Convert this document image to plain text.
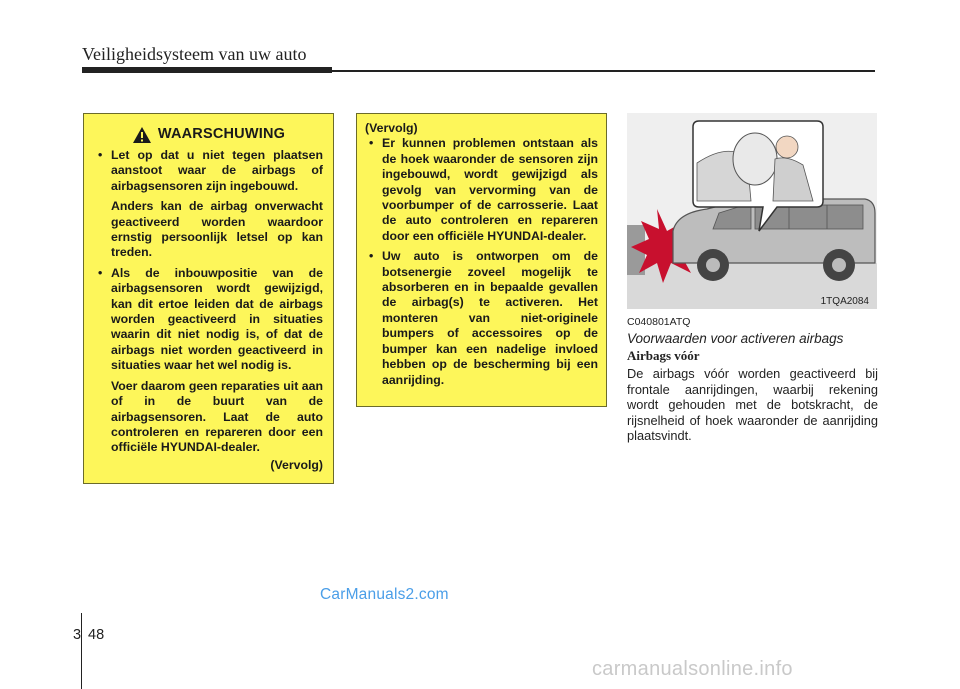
Veiligheidsysteem van uw auto
WAARSCHUWING
• Let op dat u niet tegen plaatsen aanstoot waar de airbags of airbagsensoren zijn ingebouwd.
Anders kan de airbag onverwacht geactiveerd worden waardoor ernstig persoonlijk letsel op kan treden.
• Als de inbouwpositie van de airbagsensoren wordt gewijzigd, kan dit ertoe leiden dat de airbags worden geactiveerd in situaties waarin dit niet nodig is, of dat de airbags niet worden geactiveerd in situaties waar het wel nodig is.
Voer daarom geen reparaties uit aan of in de buurt van de airbagsensoren. Laat de auto controleren en repareren door een officiële HYUNDAI-dealer.
(Vervolg)
(Vervolg)
• Er kunnen problemen ontstaan als de hoek waaronder de sensoren zijn ingebouwd, wordt gewijzigd als gevolg van vervorming van de voorbumper of de carrosserie. Laat de auto controleren en repareren door een officiële HYUNDAI-dealer.
• Uw auto is ontworpen om de botsenergie zoveel mogelijk te absorberen en in bepaalde gevallen de airbag(s) te activeren. Het monteren van niet-originele bumpers of accessoires op de bumper kan een nadelige invloed hebben op de bescherming bij een aanrijding.
1TQA2084
C040801ATQ
Voorwaarden voor activeren airbags
Airbags vóór
De airbags vóór worden geactiveerd bij frontale aanrijdingen, waarbij rekening wordt gehouden met de botskracht, de rijsnelheid of hoek waaronder de aanrijding plaatsvindt.
CarManuals2.com
3 48
carmanualsonline.info
